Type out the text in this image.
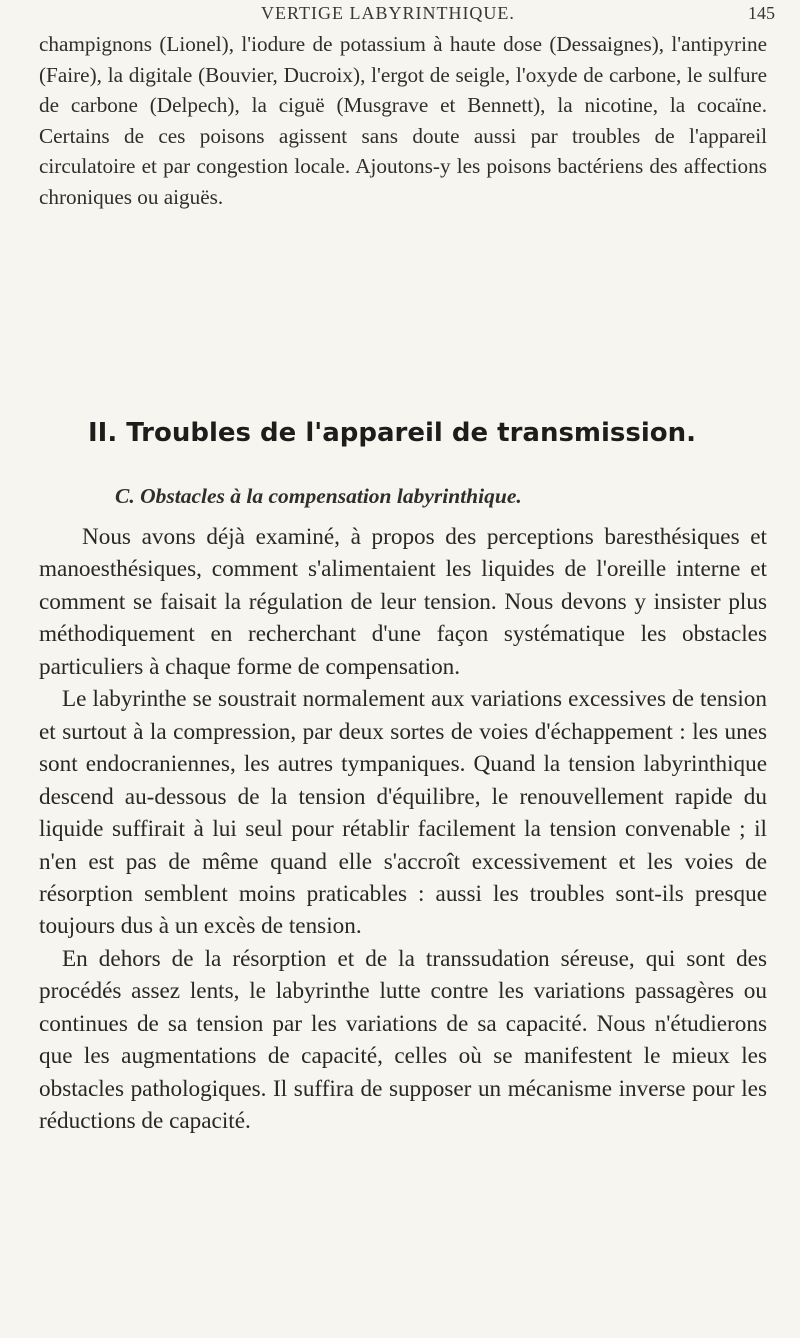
VERTIGE LABYRINTHIQUE.	145

champignons (Lionel), l'iodure de potassium à haute dose (Dessaignes), l'antipyrine (Faire), la digitale (Bouvier, Ducroix), l'ergot de seigle, l'oxyde de carbone, le sulfure de carbone (Delpech), la ciguë (Musgrave et Bennett), la nicotine, la cocaïne. Certains de ces poisons agissent sans doute aussi par troubles de l'appareil circulatoire et par congestion locale. Ajoutons-y les poisons bactériens des affections chroniques ou aiguës.

II. Troubles de l'appareil de transmission.
C. Obstacles à la compensation labyrinthique.

Nous avons déjà examiné, à propos des perceptions baresthésiques et manoesthésiques, comment s'alimentaient les liquides de l'oreille interne et comment se faisait la régulation de leur tension. Nous devons y insister plus méthodiquement en recherchant d'une façon systématique les obstacles particuliers à chaque forme de compensation.

Le labyrinthe se soustrait normalement aux variations excessives de tension et surtout à la compression, par deux sortes de voies d'échappement : les unes sont endocraniennes, les autres tympaniques. Quand la tension labyrinthique descend au-dessous de la tension d'équilibre, le renouvellement rapide du liquide suffirait à lui seul pour rétablir facilement la tension convenable ; il n'en est pas de même quand elle s'accroît excessivement et les voies de résorption semblent moins praticables : aussi les troubles sont-ils presque toujours dus à un excès de tension.

En dehors de la résorption et de la transsudation séreuse, qui sont des procédés assez lents, le labyrinthe lutte contre les variations passagères ou continues de sa tension par les variations de sa capacité. Nous n'étudierons que les augmentations de capacité, celles où se manifestent le mieux les obstacles pathologiques. Il suffira de supposer un mécanisme inverse pour les réductions de capacité.
